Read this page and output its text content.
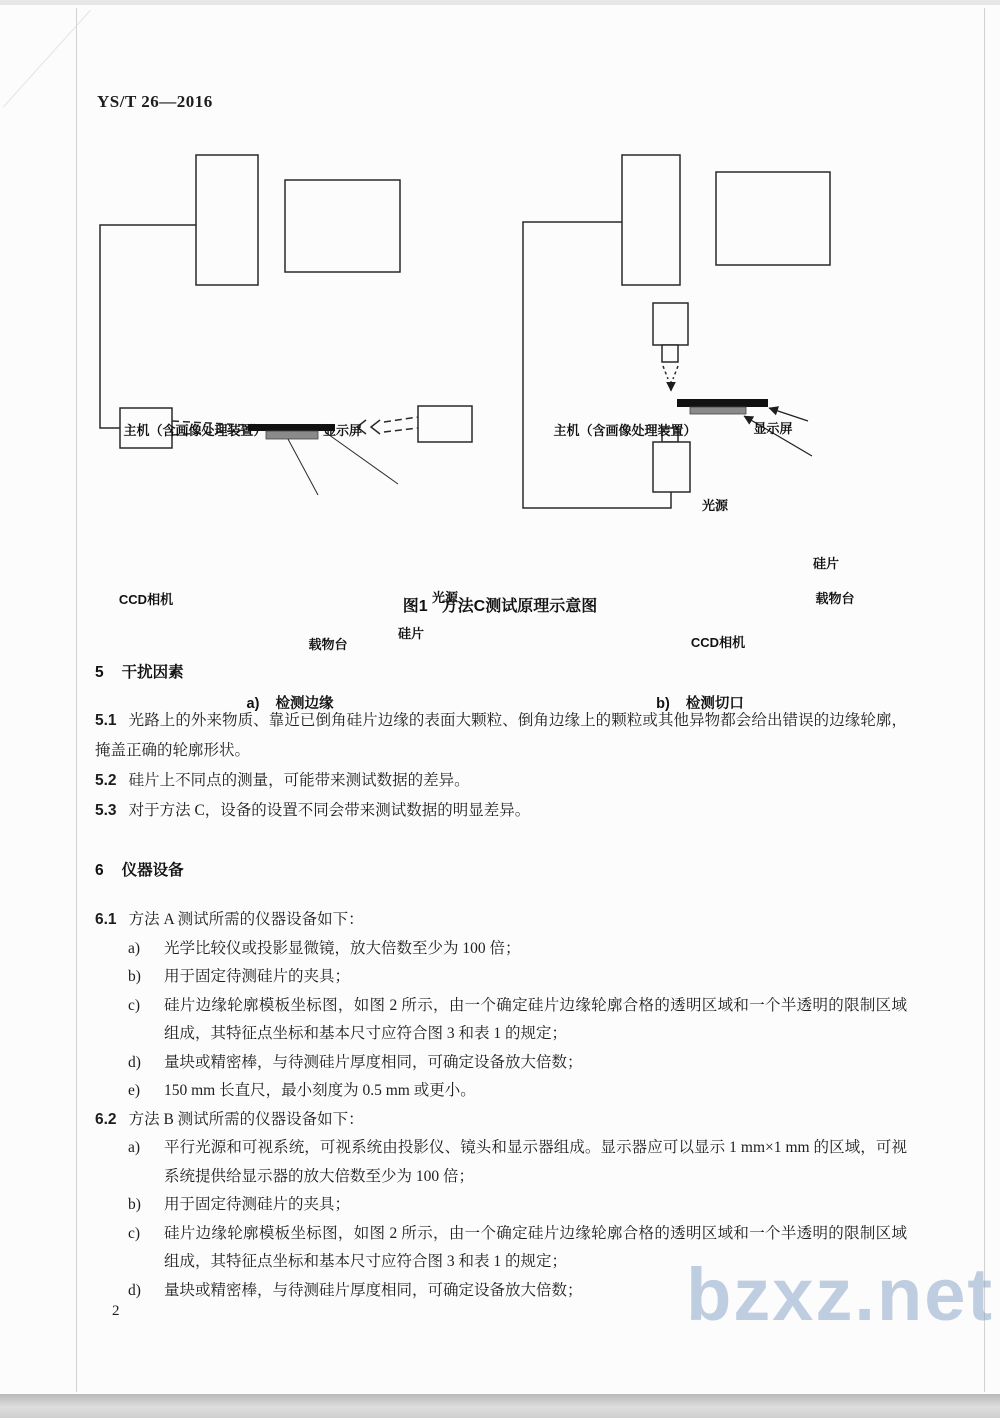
YS/T 26—2016
主机（含画像处理装置）	显示屏
CCD相机	光源
载物台
硅片
a) 检测边缘
主机（含画像处理装置）	显示屏
光源
硅片
载物台
CCD相机
b) 检测切口
图1 方法C测试原理示意图
5 干扰因素
5.1 光路上的外来物质、靠近已倒角硅片边缘的表面大颗粒、倒角边缘上的颗粒或其他异物都会给出错误的边缘轮廓，掩盖正确的轮廓形状。
5.2 硅片上不同点的测量，可能带来测试数据的差异。
5.3 对于方法 C，设备的设置不同会带来测试数据的明显差异。
6 仪器设备
6.1 方法 A 测试所需的仪器设备如下：
a)	光学比较仪或投影显微镜，放大倍数至少为 100 倍；
b)	用于固定待测硅片的夹具；
c)	硅片边缘轮廓模板坐标图，如图 2 所示，由一个确定硅片边缘轮廓合格的透明区域和一个半透明的限制区域组成，其特征点坐标和基本尺寸应符合图 3 和表 1 的规定；
d)	量块或精密棒，与待测硅片厚度相同，可确定设备放大倍数；
e)	150 mm 长直尺，最小刻度为 0.5 mm 或更小。
6.2 方法 B 测试所需的仪器设备如下：
a)	平行光源和可视系统，可视系统由投影仪、镜头和显示器组成。显示器应可以显示 1 mm×1 mm 的区域，可视系统提供给显示器的放大倍数至少为 100 倍；
b)	用于固定待测硅片的夹具；
c)	硅片边缘轮廓模板坐标图，如图 2 所示，由一个确定硅片边缘轮廓合格的透明区域和一个半透明的限制区域组成，其特征点坐标和基本尺寸应符合图 3 和表 1 的规定；
d)	量块或精密棒，与待测硅片厚度相同，可确定设备放大倍数；
2	bzxz.net
